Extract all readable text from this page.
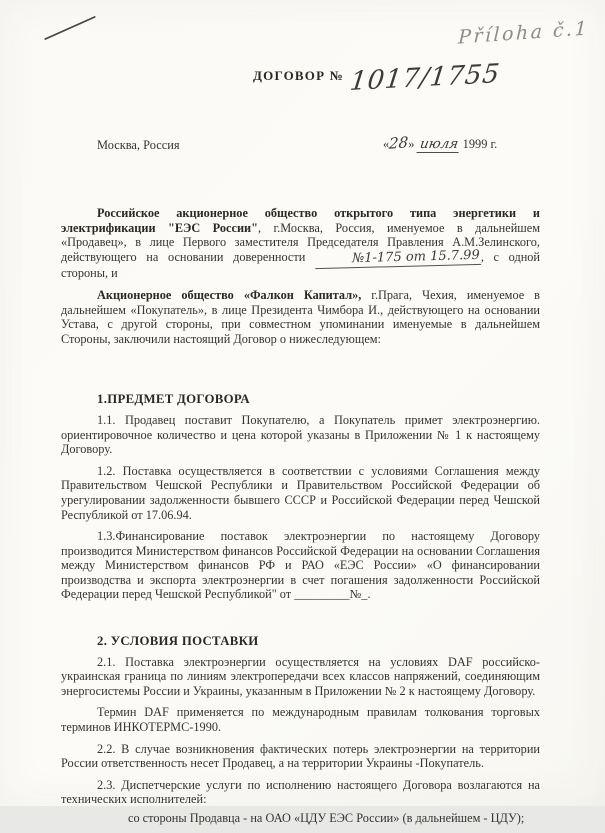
Příloha č.1
$^{ДОГОВОР №}$ 1017/1755
Москва, Россия	«28» июля 1999 г.

Российское акционерное общество открытого типа энергетики и электрификации "ЕЭС России", г.Москва, Россия, именуемое в дальнейшем «Продавец», в лице Первого заместителя Председателя Правления А.М.Зелинского, действующего на основании доверенности	№1-175 от 15.7.99, с одной стороны, и

Акционерное общество «Фалкон Капитал», г.Прага, Чехия, именуемое в дальнейшем «Покупатель», в лице Президента Чимбора И., действующего на основании Устава, с другой стороны, при совместном упоминании именуемые в дальнейшем Стороны, заключили настоящий Договор о нижеследующем:

1.ПРЕДМЕТ ДОГОВОРА

1.1. Продавец поставит Покупателю, а Покупатель примет электроэнергию. ориентировочное количество и цена которой указаны в Приложении № 1 к настоящему Договору.

1.2. Поставка осуществляется в соответствии с условиями Соглашения между Правительством Чешской Республики и Правительством Российской Федерации об урегулировании задолженности бывшего СССР и Российской Федерации перед Чешской Республикой от 17.06.94.

1.3.Финансирование поставок электроэнергии по настоящему Договору производится Министерством финансов Российской Федерации на основании Соглашения между Министерством финансов РФ и РАО «ЕЭС России» «О финансировании производства и экспорта электроэнергии в счет погашения задолженности Российской Федерации перед Чешской Республикой" от _________№_.

2. УСЛОВИЯ ПОСТАВКИ

2.1. Поставка электроэнергии осуществляется на условиях DAF российско-украинская граница по линиям электропередачи всех классов напряжений, соединяющим энергосистемы России и Украины, указанным в Приложении № 2 к настоящему Договору.

Термин DAF применяется по международным правилам толкования торговых терминов ИНКОТЕРМС-1990.

2.2. В случае возникновения фактических потерь электроэнергии на территории России ответственность несет Продавец, а на территории Украины -Покупатель.

2.3. Диспетчерские услуги по исполнению настоящего Договора возлагаются на технических исполнителей:

со стороны Продавца - на ОАО «ЦДУ ЕЭС России» (в дальнейшем - ЦДУ);
